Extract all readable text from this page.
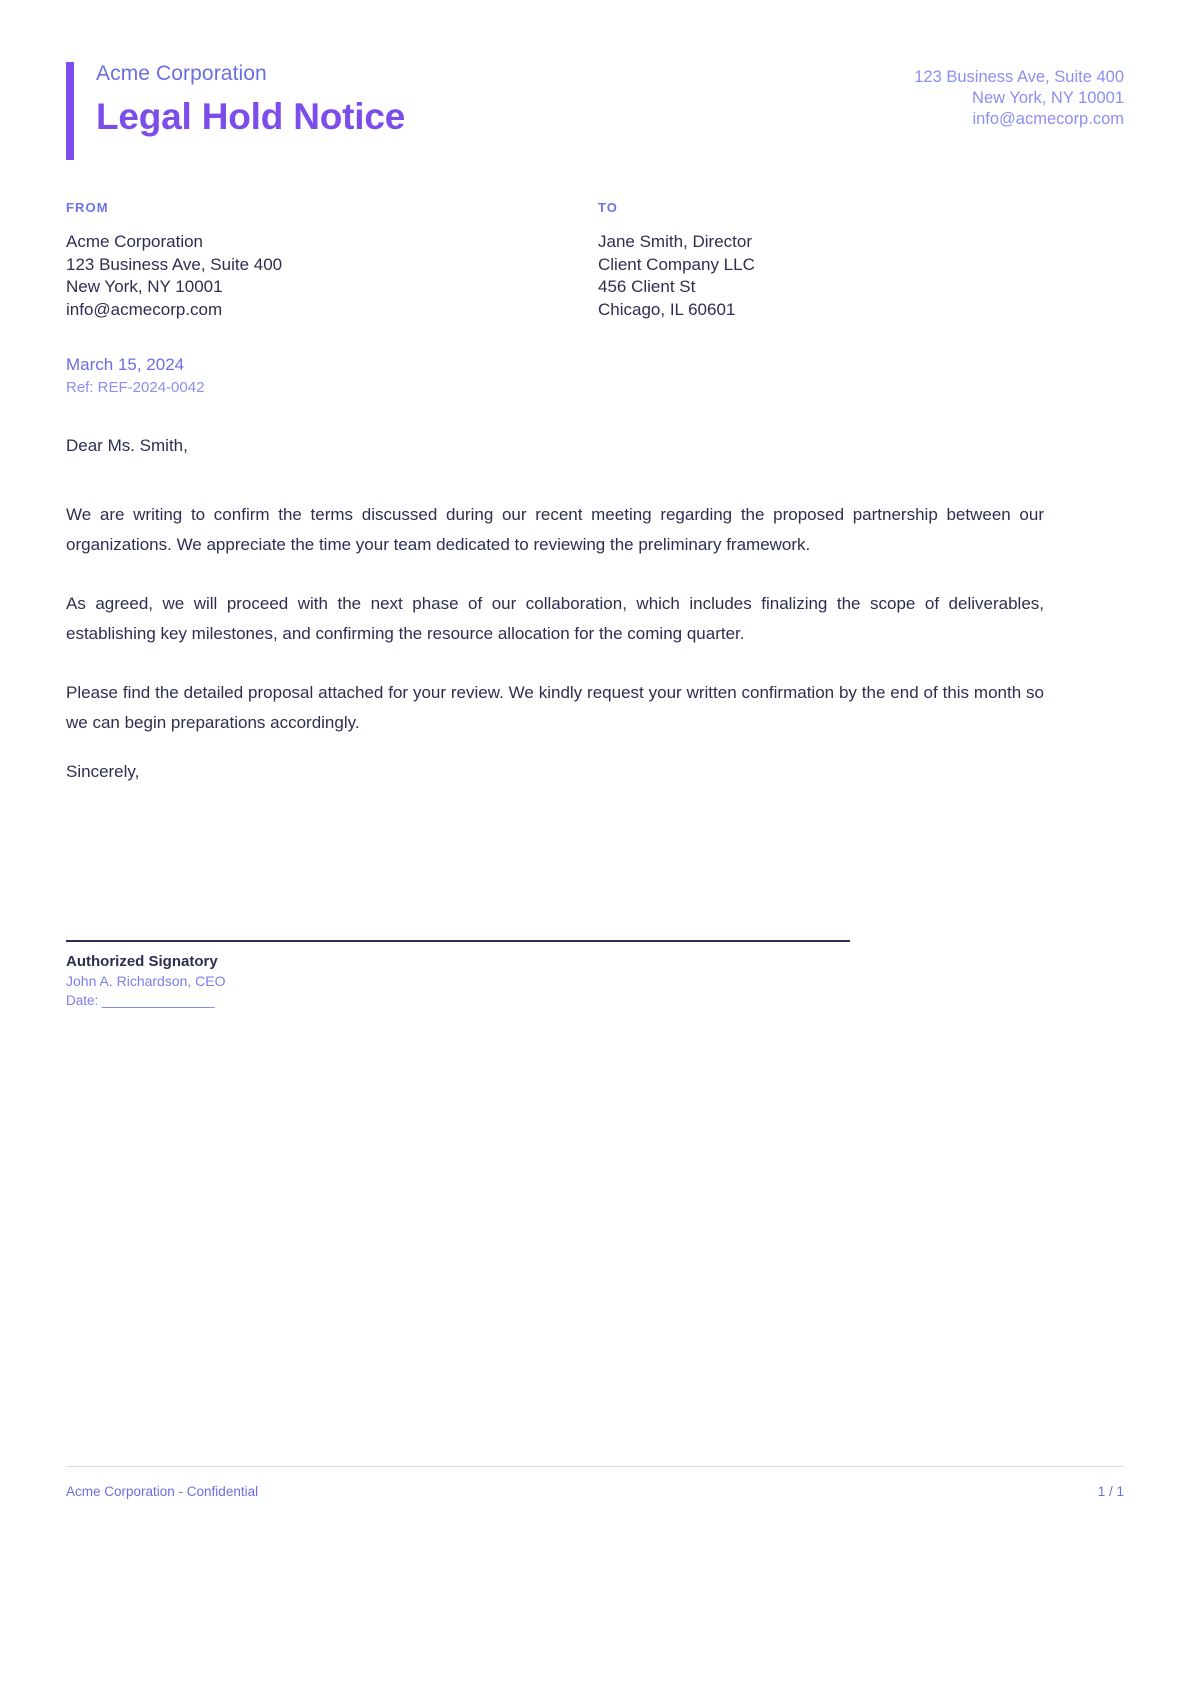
Acme Corporation
Legal Hold Notice
123 Business Ave, Suite 400
New York, NY 10001
info@acmecorp.com
FROM
Acme Corporation
123 Business Ave, Suite 400
New York, NY 10001
info@acmecorp.com
TO
Jane Smith, Director
Client Company LLC
456 Client St
Chicago, IL 60601
March 15, 2024
Ref: REF-2024-0042
Dear Ms. Smith,

We are writing to confirm the terms discussed during our recent meeting regarding the proposed partnership between our organizations. We appreciate the time your team dedicated to reviewing the preliminary framework.

As agreed, we will proceed with the next phase of our collaboration, which includes finalizing the scope of deliverables, establishing key milestones, and confirming the resource allocation for the coming quarter.

Please find the detailed proposal attached for your review. We kindly request your written confirmation by the end of this month so we can begin preparations accordingly.

Sincerely,
Authorized Signatory
John A. Richardson, CEO
Date: _______________
Acme Corporation - Confidential	1 / 1
